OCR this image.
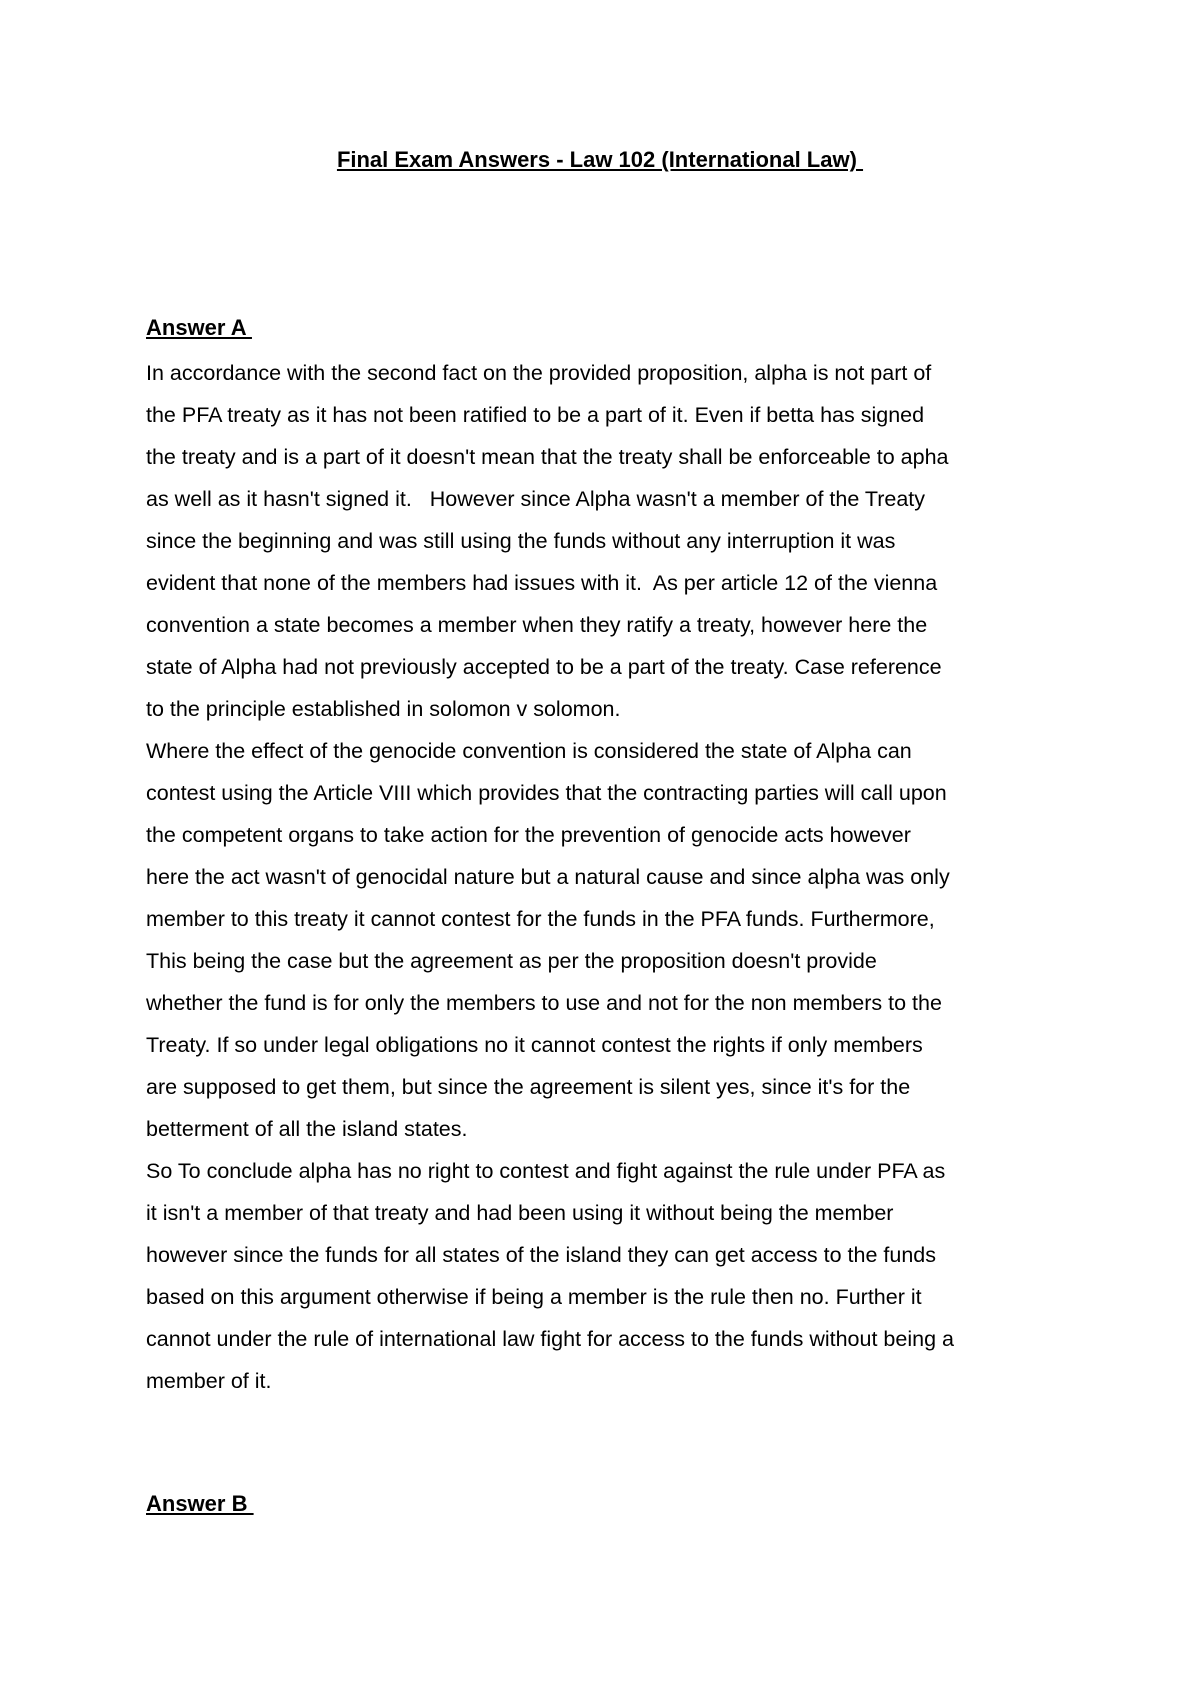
Final Exam Answers - Law 102 (International Law)
Answer A
In accordance with the second fact on the provided proposition, alpha is not part of
the PFA treaty as it has not been ratified to be a part of it. Even if betta has signed
the treaty and is a part of it doesn't mean that the treaty shall be enforceable to apha
as well as it hasn't signed it.   However since Alpha wasn't a member of the Treaty
since the beginning and was still using the funds without any interruption it was
evident that none of the members had issues with it.  As per article 12 of the vienna
convention a state becomes a member when they ratify a treaty, however here the
state of Alpha had not previously accepted to be a part of the treaty. Case reference
to the principle established in solomon v solomon.
Where the effect of the genocide convention is considered the state of Alpha can
contest using the Article VIII which provides that the contracting parties will call upon
the competent organs to take action for the prevention of genocide acts however
here the act wasn't of genocidal nature but a natural cause and since alpha was only
member to this treaty it cannot contest for the funds in the PFA funds. Furthermore,
This being the case but the agreement as per the proposition doesn't provide
whether the fund is for only the members to use and not for the non members to the
Treaty. If so under legal obligations no it cannot contest the rights if only members
are supposed to get them, but since the agreement is silent yes, since it's for the
betterment of all the island states.
So To conclude alpha has no right to contest and fight against the rule under PFA as
it isn't a member of that treaty and had been using it without being the member
however since the funds for all states of the island they can get access to the funds
based on this argument otherwise if being a member is the rule then no. Further it
cannot under the rule of international law fight for access to the funds without being a
member of it.
Answer B
